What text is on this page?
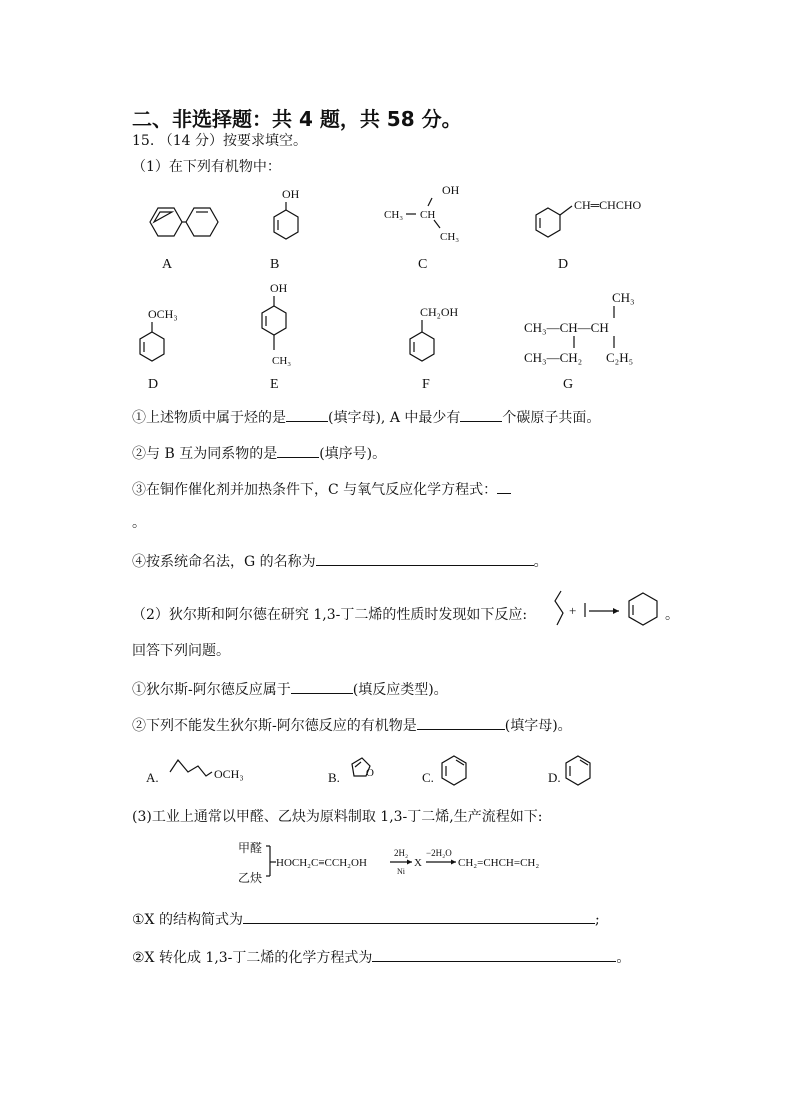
二、非选择题：共 4 题，共 58 分。
15. （14 分）按要求填空。
（1）在下列有机物中：
A
OH
B
OH
CH₃ CH
CH₃
C
CH═CHCHO
D
OCH₃
D
OH
CH₃
E
CH₂OH
F
CH₃
CH₃—CH—CH
CH₃—CH₂ C₂H₅
G
①上述物质中属于烃的是	(填字母), A 中最少有	个碳原子共面。
②与 B 互为同系物的是	(填序号)。
③在铜作催化剂并加热条件下，C 与氧气反应化学方程式：
。
④按系统命名法，G 的名称为	。
（2）狄尔斯和阿尔德在研究 1,3-丁二烯的性质时发现如下反应:	+	。
回答下列问题。
①狄尔斯-阿尔德反应属于	(填反应类型)。
②下列不能发生狄尔斯-阿尔德反应的有机物是	(填字母)。
A.	OCH₃	B. O	C.	D.
(3)工业上通常以甲醛、乙炔为原料制取 1,3-丁二烯,生产流程如下:
甲醛
乙炔
HOCH₂C≡CCH₂OH
2H₂
Ni
X
−2H₂O
CH₂=CHCH=CH₂
①X 的结构简式为	;
②X 转化成 1,3-丁二烯的化学方程式为	。
